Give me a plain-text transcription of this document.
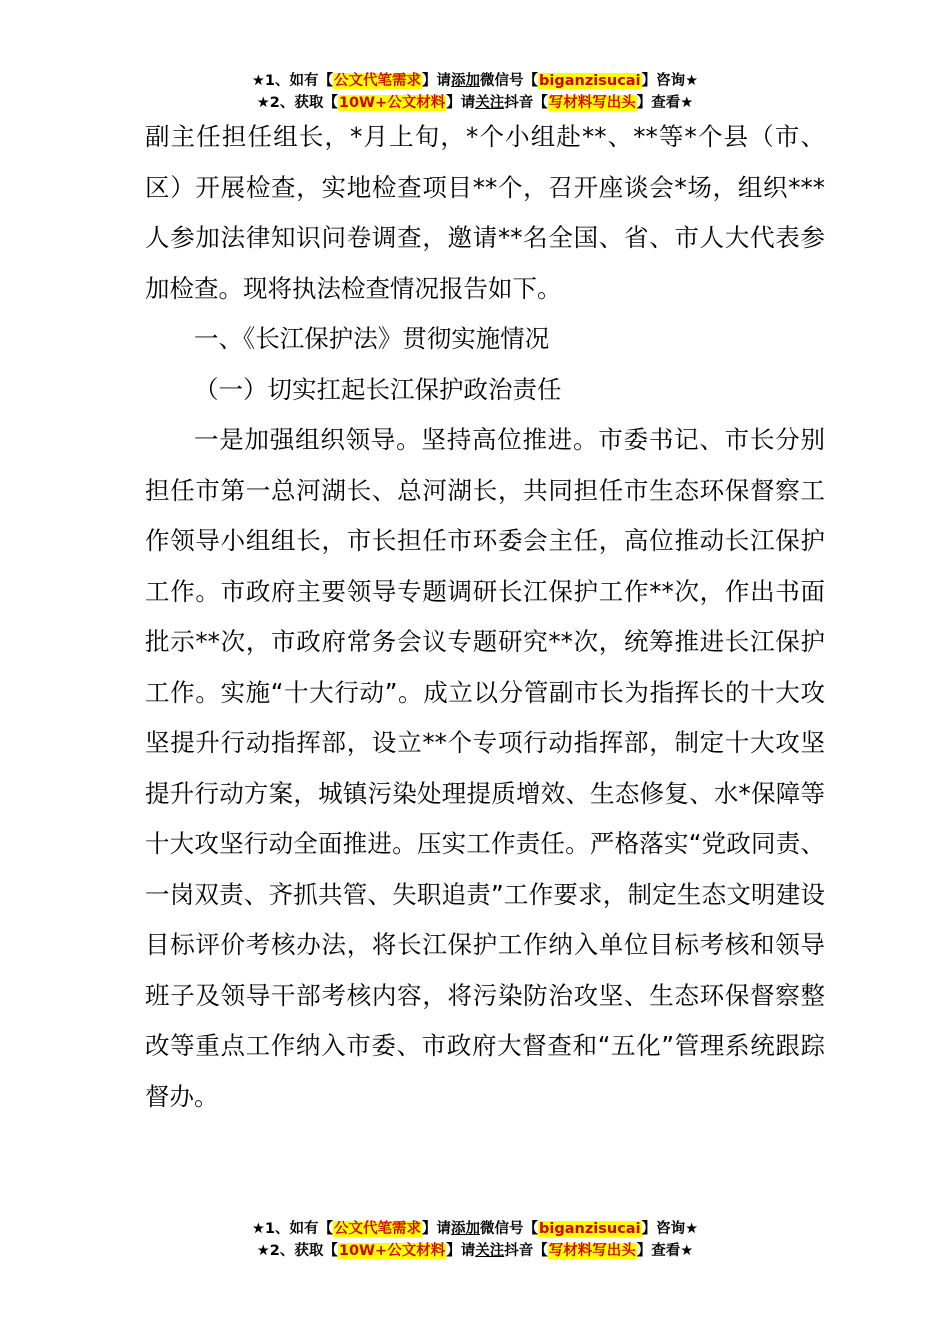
★1、如有【公文代笔需求】请添加微信号【biganzisucai】咨询★
★2、获取【10W+公文材料】请关注抖音【写材料写出头】查看★

副主任担任组长，*月上旬，*个小组赴**、**等*个县（市、区）开展检查，实地检查项目**个，召开座谈会*场，组织***人参加法律知识问卷调查，邀请**名全国、省、市人大代表参加检查。现将执法检查情况报告如下。

一、《长江保护法》贯彻实施情况

（一）切实扛起长江保护政治责任

一是加强组织领导。坚持高位推进。市委书记、市长分别担任市第一总河湖长、总河湖长，共同担任市生态环保督察工作领导小组组长，市长担任市环委会主任，高位推动长江保护工作。市政府主要领导专题调研长江保护工作**次，作出书面批示**次，市政府常务会议专题研究**次，统筹推进长江保护工作。实施“十大行动”。成立以分管副市长为指挥长的十大攻坚提升行动指挥部，设立**个专项行动指挥部，制定十大攻坚提升行动方案，城镇污染处理提质增效、生态修复、水*保障等十大攻坚行动全面推进。压实工作责任。严格落实“党政同责、一岗双责、齐抓共管、失职追责”工作要求，制定生态文明建设目标评价考核办法，将长江保护工作纳入单位目标考核和领导班子及领导干部考核内容，将污染防治攻坚、生态环保督察整改等重点工作纳入市委、市政府大督查和“五化”管理系统跟踪督办。

★1、如有【公文代笔需求】请添加微信号【biganzisucai】咨询★
★2、获取【10W+公文材料】请关注抖音【写材料写出头】查看★
